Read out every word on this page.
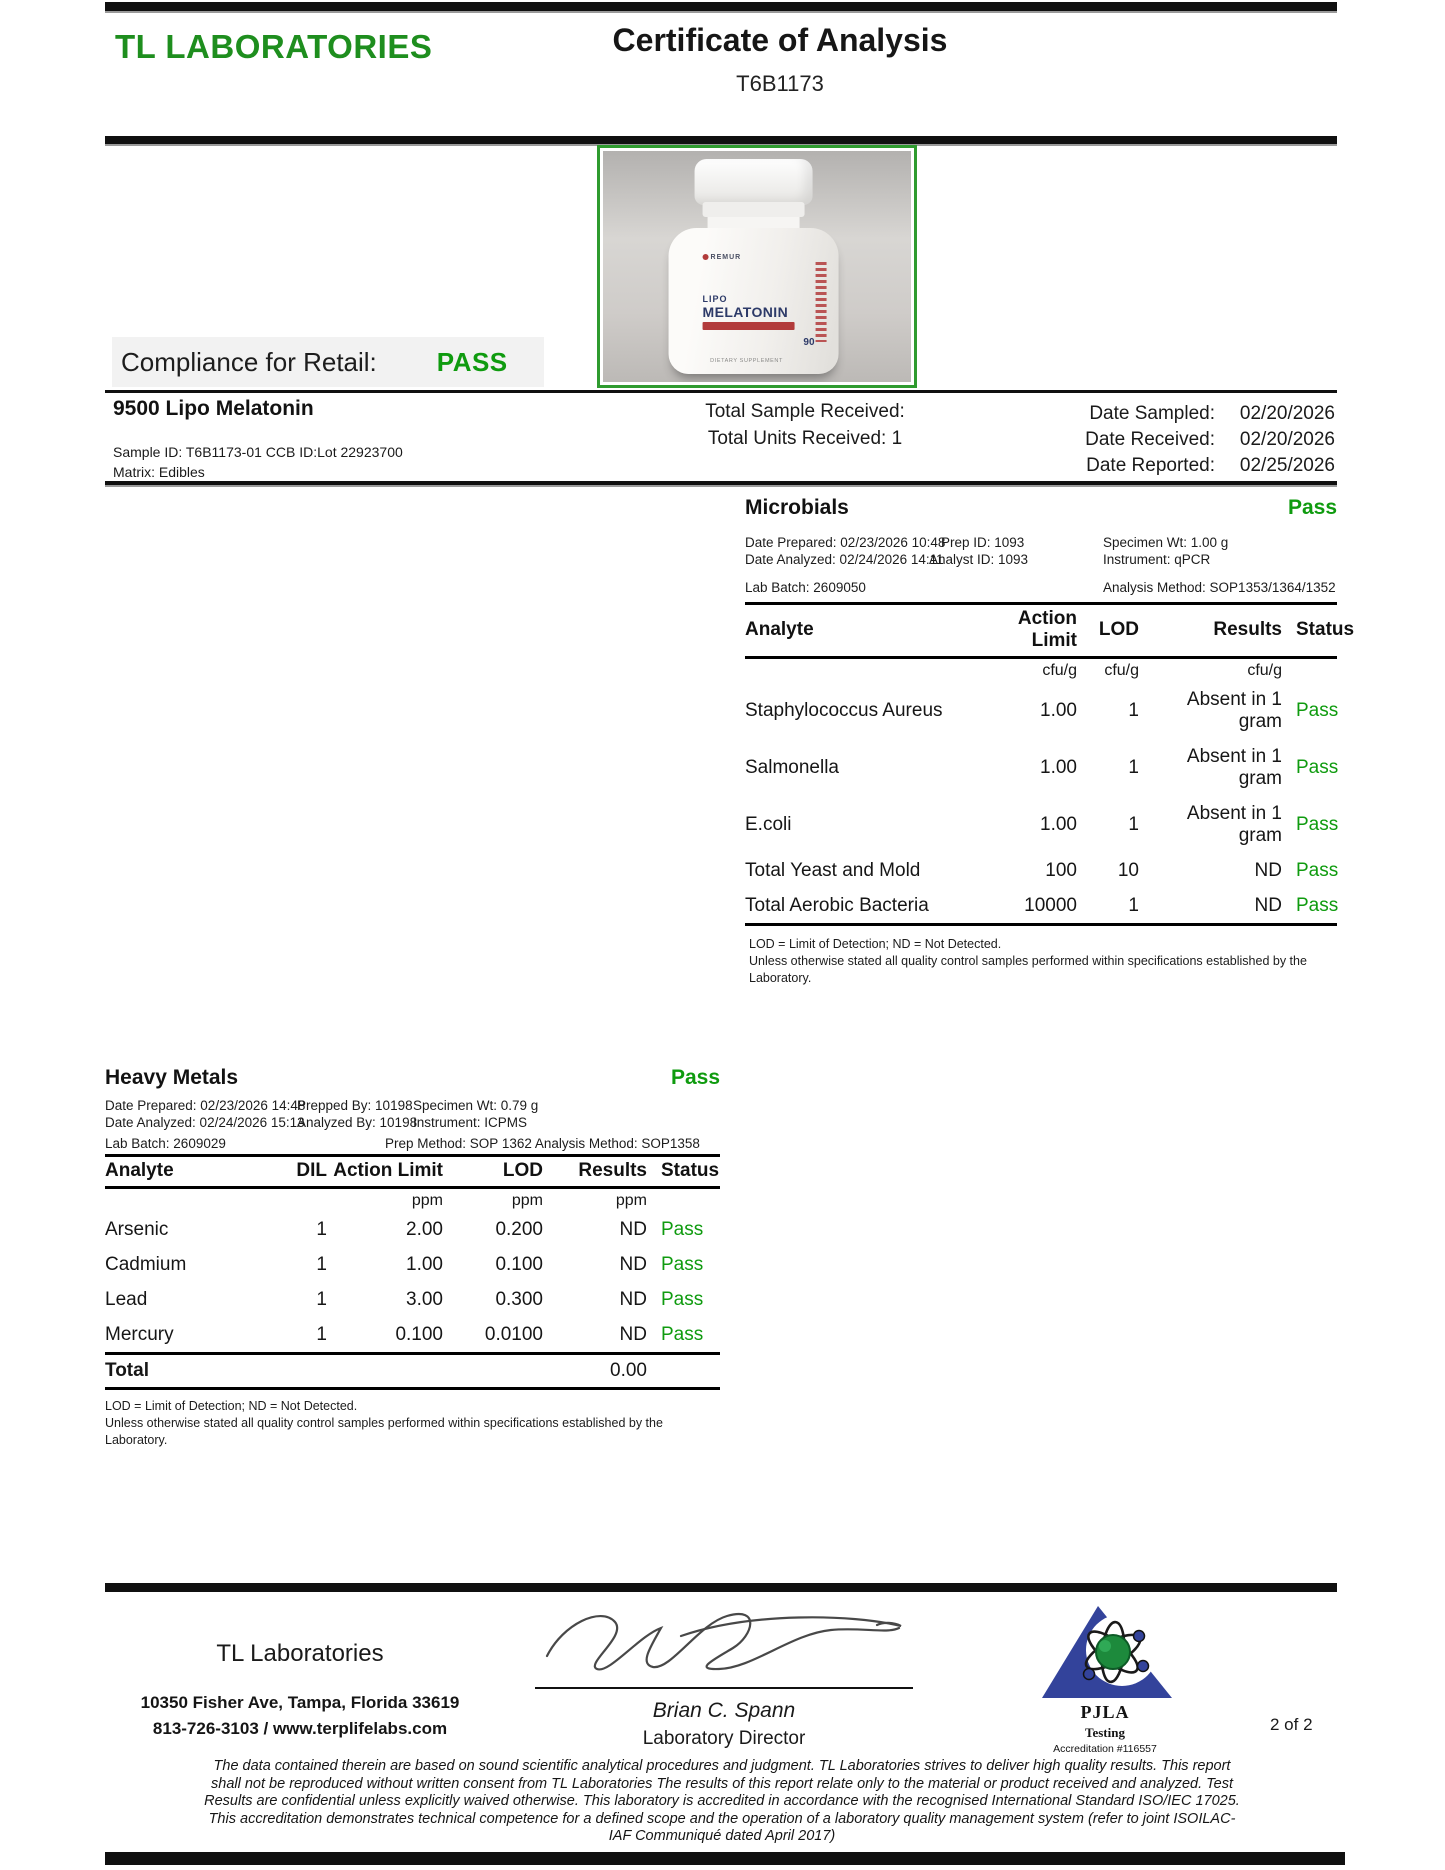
TL LABORATORIES	Certificate of Analysis
T6B1173
REMUR
LIPO
MELATONIN
90
DIETARY SUPPLEMENT
Compliance for Retail: PASS
9500 Lipo Melatonin	Total Sample Received:
Total Units Received: 1
Date Sampled:	02/20/2026
Date Received:	02/20/2026
Date Reported:	02/25/2026
Sample ID: T6B1173-01 CCB ID:Lot 22923700
Matrix: Edibles
Microbials	Pass
Date Prepared: 02/23/2026 10:48
Date Analyzed: 02/24/2026 14:11
Prep ID: 1093
Analyst ID: 1093
Specimen Wt: 1.00 g
Instrument: qPCR
Lab Batch: 2609050	Analysis Method: SOP1353/1364/1352
Analyte	Action Limit	LOD	Results	Status
	cfu/g	cfu/g	cfu/g	
Staphylococcus Aureus	1.00	1	Absent in 1 gram	Pass
Salmonella	1.00	1	Absent in 1 gram	Pass
E.coli	1.00	1	Absent in 1 gram	Pass
Total Yeast and Mold	100	10	ND	Pass
Total Aerobic Bacteria	10000	1	ND	Pass
LOD = Limit of Detection; ND = Not Detected.
Unless otherwise stated all quality control samples performed within specifications established by the
Laboratory.
Heavy Metals	Pass
Date Prepared: 02/23/2026 14:48
Date Analyzed: 02/24/2026 15:13
Prepped By: 10198
Analyzed By: 10198
Specimen Wt: 0.79 g
Instrument: ICPMS
Lab Batch: 2609029	Prep Method: SOP 1362 Analysis Method: SOP1358
Analyte	DIL	Action Limit	LOD	Results	Status
		ppm	ppm	ppm	
Arsenic	1	2.00	0.200	ND	Pass
Cadmium	1	1.00	0.100	ND	Pass
Lead	1	3.00	0.300	ND	Pass
Mercury	1	0.100	0.0100	ND	Pass
Total				0.00	
LOD = Limit of Detection; ND = Not Detected.
Unless otherwise stated all quality control samples performed within specifications established by the Laboratory.
TL Laboratories
10350 Fisher Ave, Tampa, Florida 33619
813-726-3103 / www.terplifelabs.com
Brian C. Spann
Laboratory Director
PJLA
Testing
Accreditation #116557
2 of 2
The data contained therein are based on sound scientific analytical procedures and judgment. TL Laboratories strives to deliver high quality results. This report shall not be reproduced without written consent from TL Laboratories The results of this report relate only to the material or product received and analyzed. Test Results are confidential unless explicitly waived otherwise. This laboratory is accredited in accordance with the recognised International Standard ISO/IEC 17025. This accreditation demonstrates technical competence for a defined scope and the operation of a laboratory quality management system (refer to joint ISOILAC-IAF Communiqué dated April 2017)
